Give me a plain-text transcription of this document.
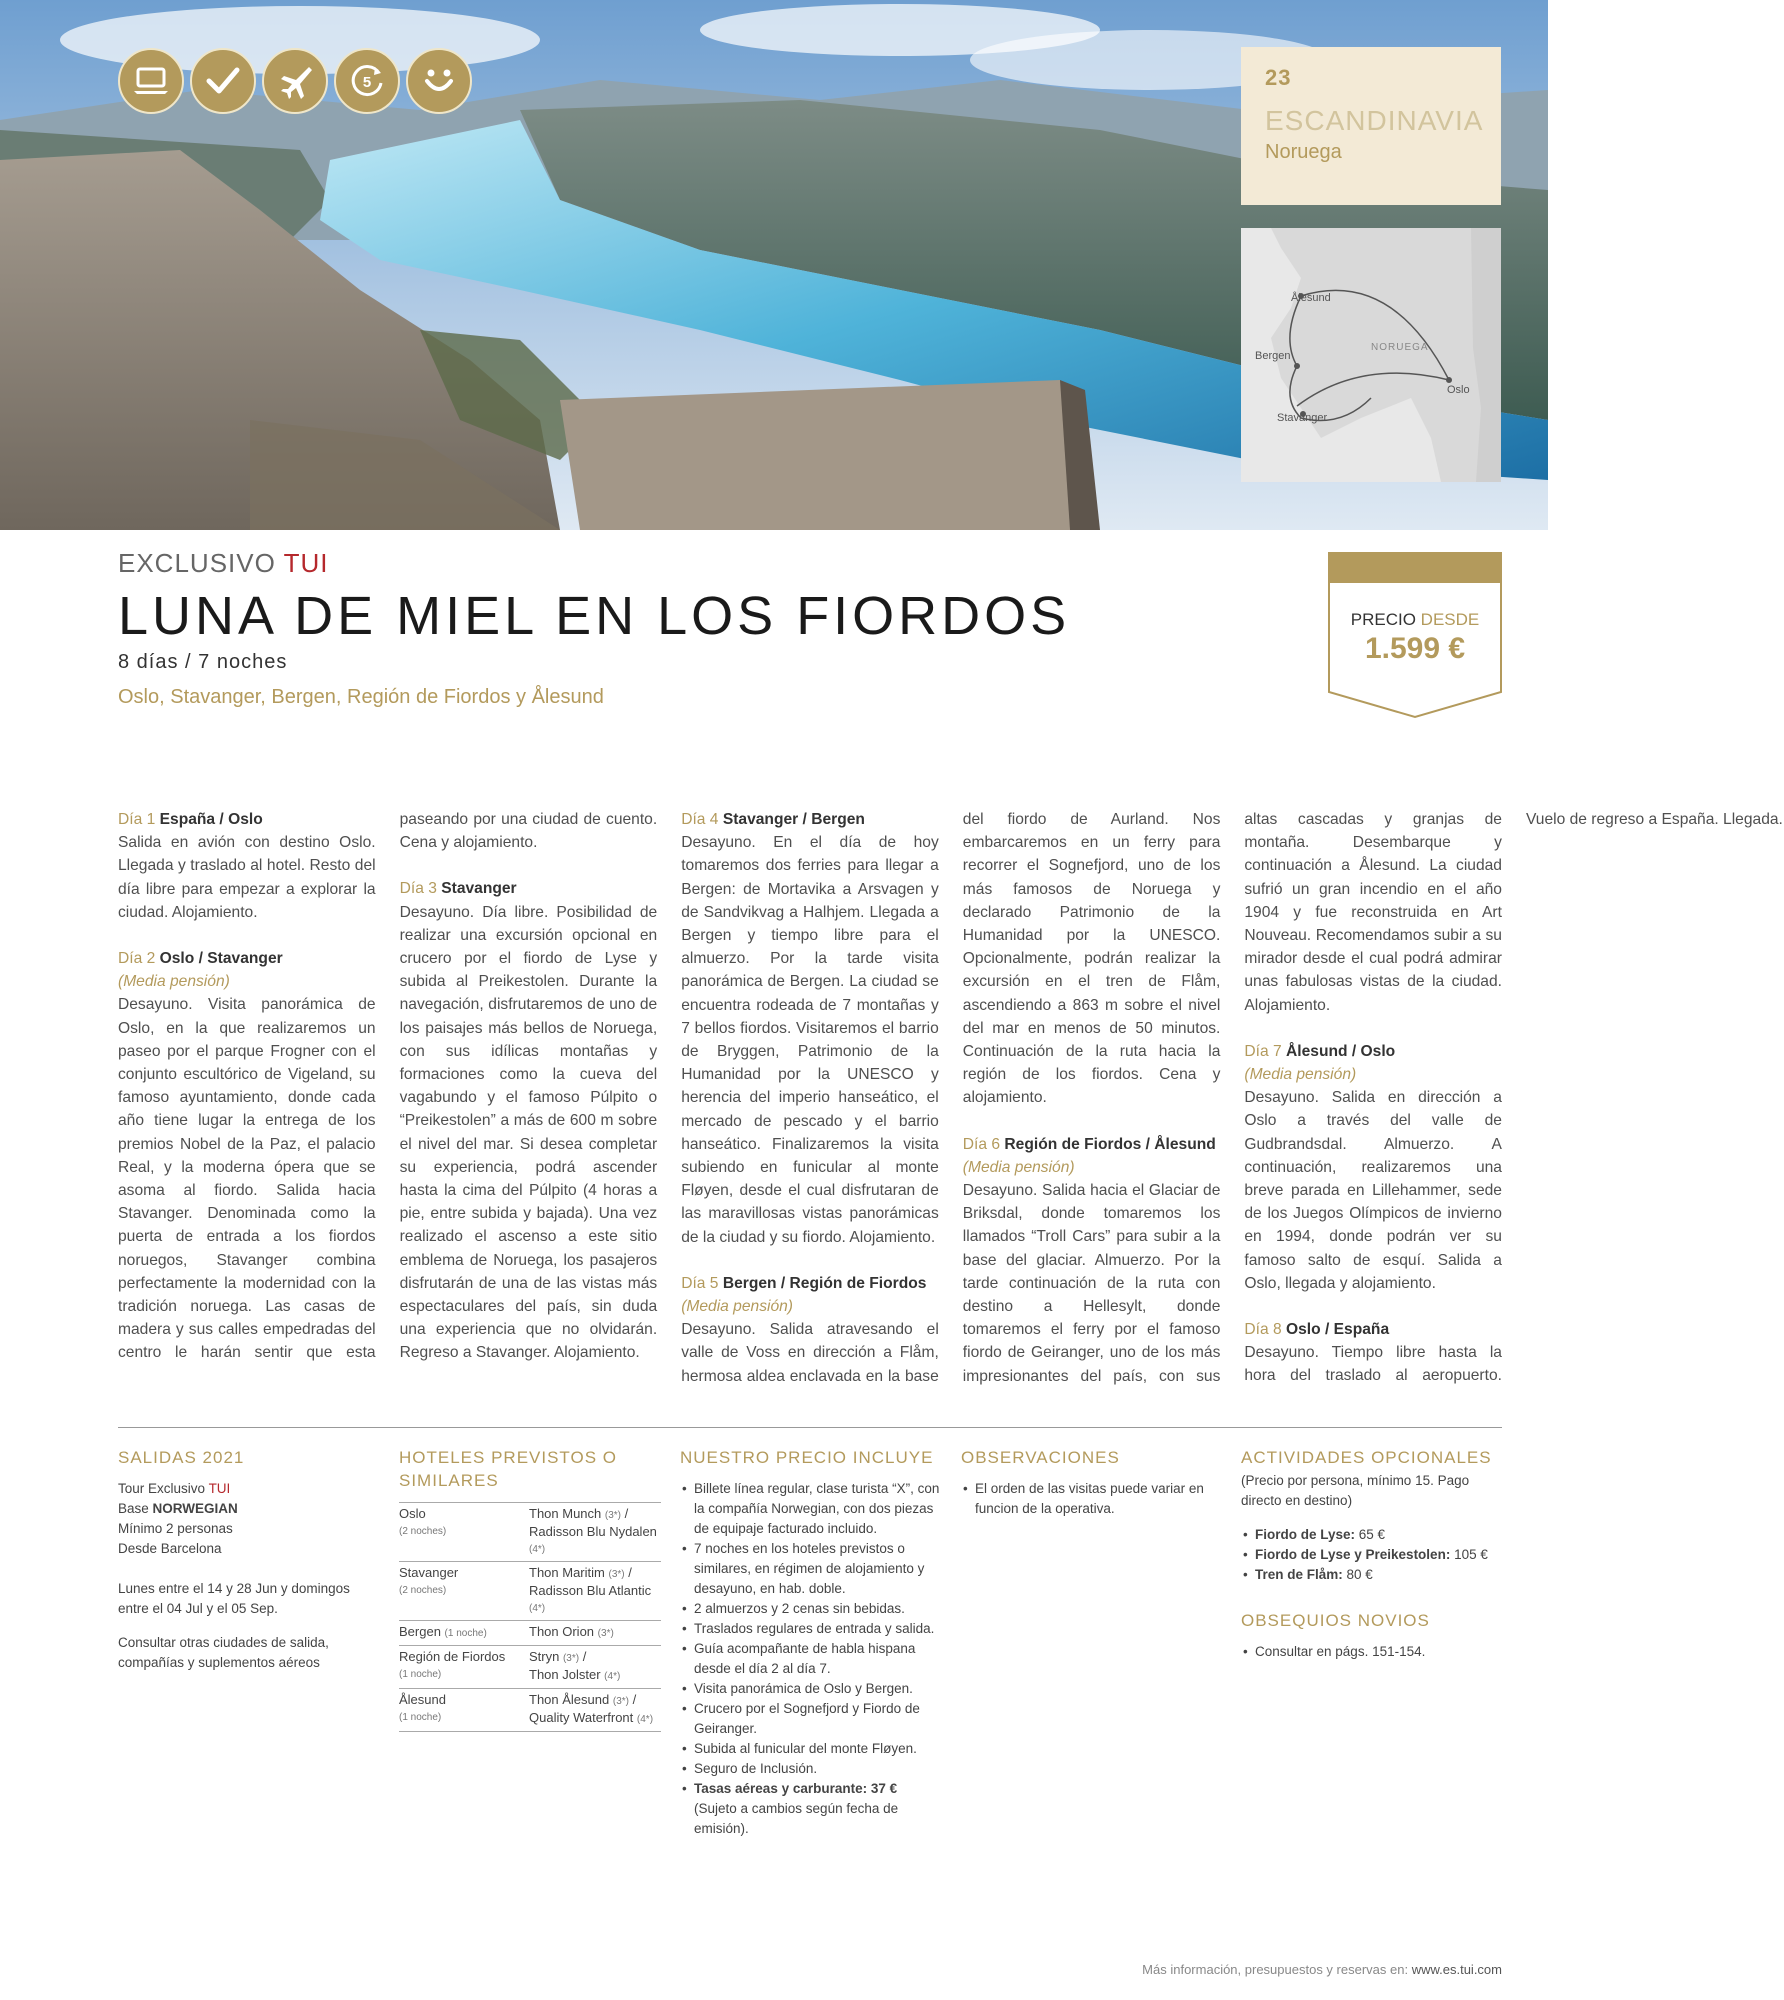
5	23
ESCANDINAVIA
Noruega
Ålesund
Bergen
Stavanger
Oslo
NORUEGA
EXCLUSIVO TUI
LUNA DE MIEL EN LOS FIORDOS
8 días / 7 noches
Oslo, Stavanger, Bergen, Región de Fiordos y Ålesund
PRECIO DESDE
1.599 €
Día 1 España / Oslo
Salida en avión con destino Oslo. Llegada y traslado al hotel. Resto del día libre para empezar a explorar la ciudad. Alojamiento.
Día 2 Oslo / Stavanger
(Media pensión)
Desayuno. Visita panorámica de Oslo, en la que realizaremos un paseo por el parque Frogner con el conjunto escultórico de Vigeland, su famoso ayuntamiento, donde cada año tiene lugar la entrega de los premios Nobel de la Paz, el palacio Real, y la moderna ópera que se asoma al fiordo. Salida hacia Stavanger. Denominada como la puerta de entrada a los fiordos noruegos, Stavanger combina perfectamente la modernidad con la tradición noruega. Las casas de madera y sus calles empedradas del centro le harán sentir que esta paseando por una ciudad de cuento. Cena y alojamiento.
Día 3 Stavanger
Desayuno. Día libre. Posibilidad de realizar una excursión opcional en crucero por el fiordo de Lyse y subida al Preikestolen. Durante la navegación, disfrutaremos de uno de los paisajes más bellos de Noruega, con sus idílicas montañas y formaciones como la cueva del vagabundo y el famoso Púlpito o “Preikestolen” a más de 600 m sobre el nivel del mar. Si desea completar su experiencia, podrá ascender hasta la cima del Púlpito (4 horas a pie, entre subida y bajada). Una vez realizado el ascenso a este sitio emblema de Noruega, los pasajeros disfrutarán de una de las vistas más espectaculares del país, sin duda una experiencia que no olvidarán. Regreso a Stavanger. Alojamiento.
Día 4 Stavanger / Bergen
Desayuno. En el día de hoy tomaremos dos ferries para llegar a Bergen: de Mortavika a Arsvagen y de Sandvikvag a Halhjem. Llegada a Bergen y tiempo libre para el almuerzo. Por la tarde visita panorámica de Bergen. La ciudad se encuentra rodeada de 7 montañas y 7 bellos fiordos. Visitaremos el barrio de Bryggen, Patrimonio de la Humanidad por la UNESCO y herencia del imperio hanseático, el mercado de pescado y el barrio hanseático. Finalizaremos la visita subiendo en funicular al monte Fløyen, desde el cual disfrutaran de las maravillosas vistas panorámicas de la ciudad y su fiordo. Alojamiento.
Día 5 Bergen / Región de Fiordos
(Media pensión)
Desayuno. Salida atravesando el valle de Voss en dirección a Flåm, hermosa aldea enclavada en la base del fiordo de Aurland. Nos embarcaremos en un ferry para recorrer el Sognefjord, uno de los más famosos de Noruega y declarado Patrimonio de la Humanidad por la UNESCO. Opcionalmente, podrán realizar la excursión en el tren de Flåm, ascendiendo a 863 m sobre el nivel del mar en menos de 50 minutos. Continuación de la ruta hacia la región de los fiordos. Cena y alojamiento.
Día 6 Región de Fiordos / Ålesund
(Media pensión)
Desayuno. Salida hacia el Glaciar de Briksdal, donde tomaremos los llamados “Troll Cars” para subir a la base del glaciar. Almuerzo. Por la tarde continuación de la ruta con destino a Hellesylt, donde tomaremos el ferry por el famoso fiordo de Geiranger, uno de los más impresionantes del país, con sus altas cascadas y granjas de montaña. Desembarque y continuación a Ålesund. La ciudad sufrió un gran incendio en el año 1904 y fue reconstruida en Art Nouveau. Recomendamos subir a su mirador desde el cual podrá admirar unas fabulosas vistas de la ciudad. Alojamiento.
Día 7 Ålesund / Oslo
(Media pensión)
Desayuno. Salida en dirección a Oslo a través del valle de Gudbrandsdal. Almuerzo. A continuación, realizaremos una breve parada en Lillehammer, sede de los Juegos Olímpicos de invierno en 1994, donde podrán ver su famoso salto de esquí. Salida a Oslo, llegada y alojamiento.
Día 8 Oslo / España
Desayuno. Tiempo libre hasta la hora del traslado al aeropuerto. Vuelo de regreso a España. Llegada.
SALIDAS 2021

Tour Exclusivo TUI
Base NORWEGIAN
Mínimo 2 personas
Desde Barcelona

Lunes entre el 14 y 28 Jun y domingos entre el 04 Jul y el 05 Sep.

Consultar otras ciudades de salida, compañías y suplementos aéreos

HOTELES PREVISTOS O SIMILARES
Oslo
(2 noches)	Thon Munch (3*) /
Radisson Blu Nydalen (4*)
Stavanger
(2 noches)	Thon Maritim (3*) /
Radisson Blu Atlantic (4*)
Bergen (1 noche)	Thon Orion (3*)
Región de Fiordos
(1 noche)	Stryn (3*) /
Thon Jolster (4*)
Ålesund
(1 noche)	Thon Ålesund (3*) /
Quality Waterfront (4*)
NUESTRO PRECIO INCLUYE
• Billete línea regular, clase turista “X”, con la compañía Norwegian, con dos piezas de equipaje facturado incluido.
• 7 noches en los hoteles previstos o similares, en régimen de alojamiento y desayuno, en hab. doble.
• 2 almuerzos y 2 cenas sin bebidas.
• Traslados regulares de entrada y salida.
• Guía acompañante de habla hispana desde el día 2 al día 7.
• Visita panorámica de Oslo y Bergen.
• Crucero por el Sognefjord y Fiordo de Geiranger.
• Subida al funicular del monte Fløyen.
• Seguro de Inclusión.
• Tasas aéreas y carburante: 37 € (Sujeto a cambios según fecha de emisión).
OBSERVACIONES
• El orden de las visitas puede variar en funcion de la operativa.
ACTIVIDADES OPCIONALES

(Precio por persona, mínimo 15. Pago directo en destino)

• Fiordo de Lyse: 65 €
• Fiordo de Lyse y Preikestolen: 105 €
• Tren de Flåm: 80 €
OBSEQUIOS NOVIOS
• Consultar en págs. 151-154.
Más información, presupuestos y reservas en: www.es.tui.com
